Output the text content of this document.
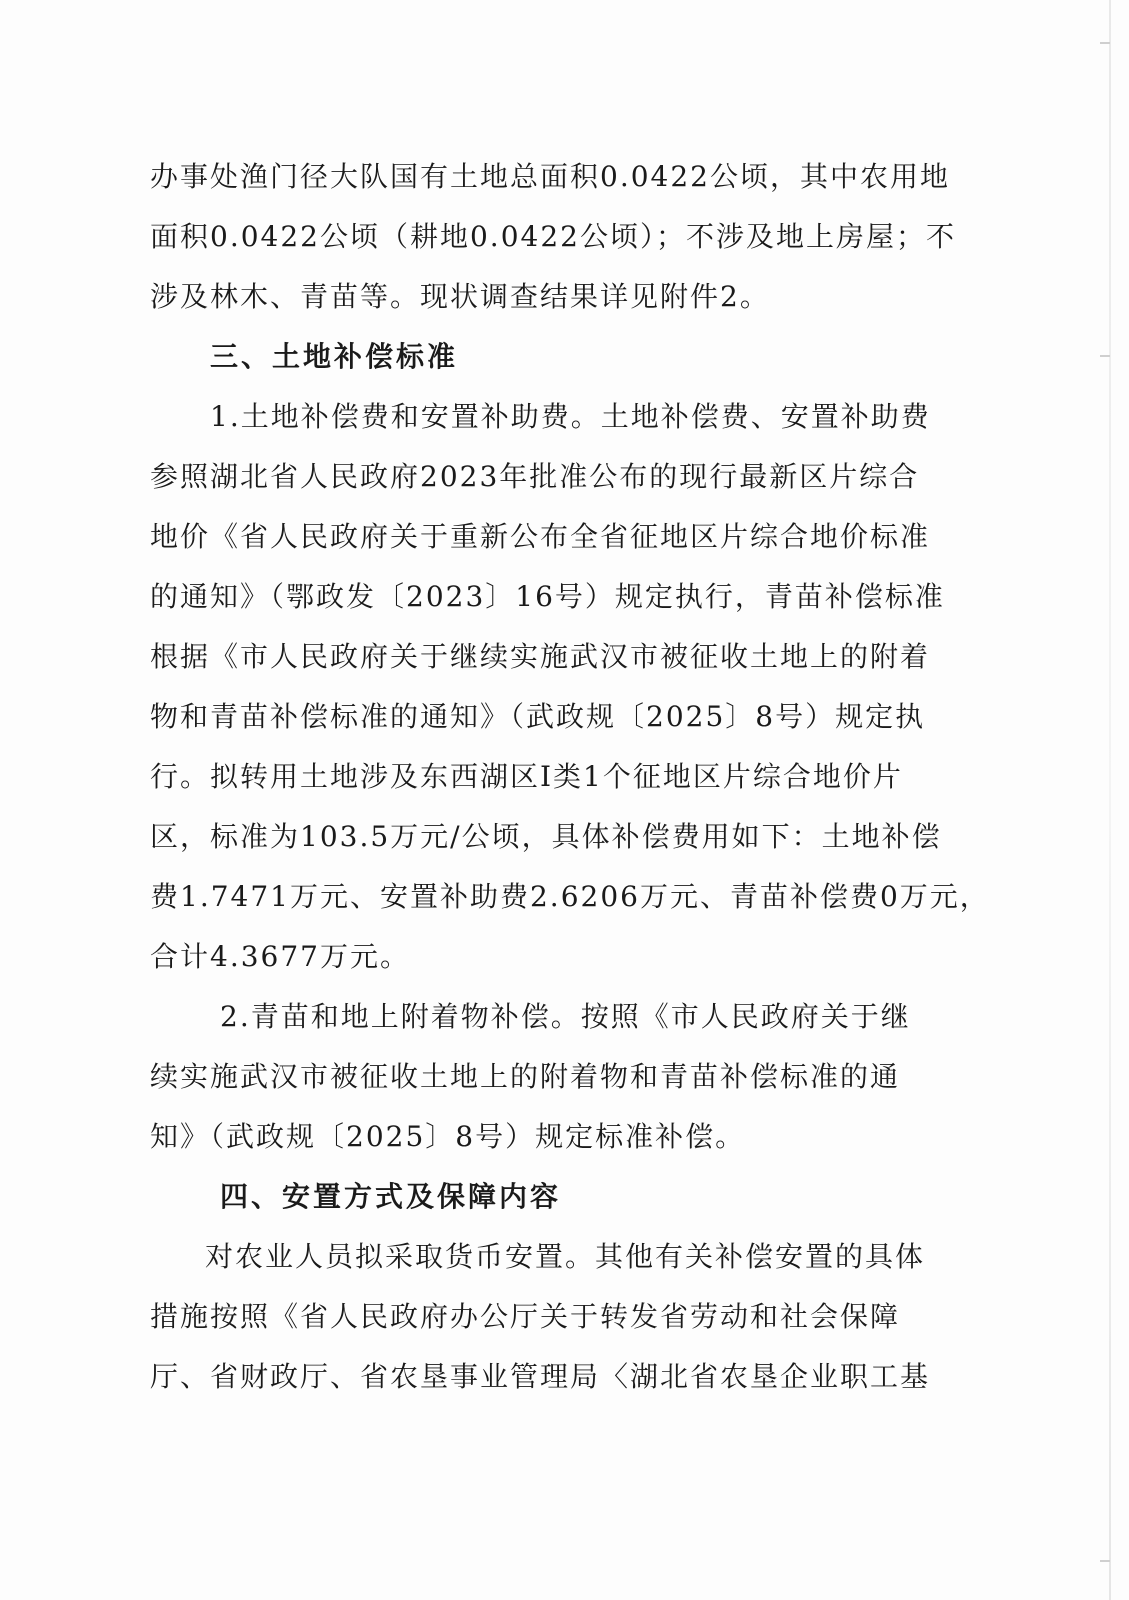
办事处渔门径大队国有土地总面积0.0422公顷，其中农用地
面积0.0422公顷（耕地0.0422公顷）；不涉及地上房屋；不
涉及林木、青苗等。现状调查结果详见附件2。
三、土地补偿标准
1.土地补偿费和安置补助费。土地补偿费、安置补助费
参照湖北省人民政府2023年批准公布的现行最新区片综合
地价《省人民政府关于重新公布全省征地区片综合地价标准
的通知》（鄂政发〔2023〕16号）规定执行，青苗补偿标准
根据《市人民政府关于继续实施武汉市被征收土地上的附着
物和青苗补偿标准的通知》（武政规〔2025〕8号）规定执
行。拟转用土地涉及东西湖区Ⅰ类1个征地区片综合地价片
区，标准为103.5万元/公顷，具体补偿费用如下：土地补偿
费1.7471万元、安置补助费2.6206万元、青苗补偿费0万元，
合计4.3677万元。
2.青苗和地上附着物补偿。按照《市人民政府关于继
续实施武汉市被征收土地上的附着物和青苗补偿标准的通
知》（武政规〔2025〕8号）规定标准补偿。
四、安置方式及保障内容
对农业人员拟采取货币安置。其他有关补偿安置的具体
措施按照《省人民政府办公厅关于转发省劳动和社会保障
厅、省财政厅、省农垦事业管理局〈湖北省农垦企业职工基
